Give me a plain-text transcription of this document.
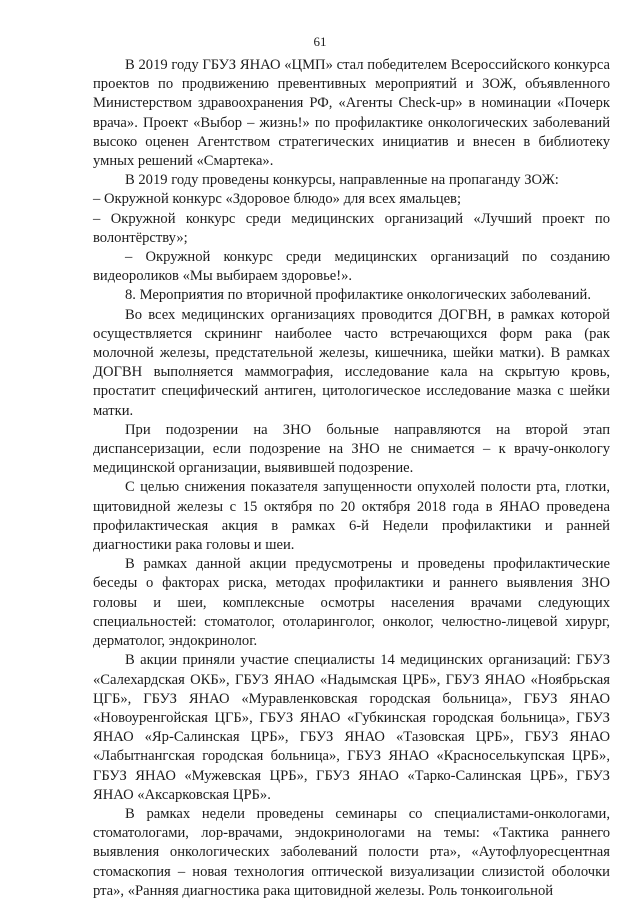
61

В 2019 году ГБУЗ ЯНАО «ЦМП» стал победителем Всероссийского конкурса проектов по продвижению превентивных мероприятий и ЗОЖ, объявленного Министерством здравоохранения РФ, «Агенты Check-up» в номинации «Почерк врача». Проект «Выбор – жизнь!» по профилактике онкологических заболеваний высоко оценен Агентством стратегических инициатив и внесен в библиотеку умных решений «Смартека».

В 2019 году проведены конкурсы, направленные на пропаганду ЗОЖ:

– Окружной конкурс «Здоровое блюдо» для всех ямальцев;

– Окружной конкурс среди медицинских организаций «Лучший проект по волонтёрству»;

– Окружной конкурс среди медицинских организаций по созданию видеороликов «Мы выбираем здоровье!».

8. Мероприятия по вторичной профилактике онкологических заболеваний.

Во всех медицинских организациях проводится ДОГВН, в рамках которой осуществляется скрининг наиболее часто встречающихся форм рака (рак молочной железы, предстательной железы, кишечника, шейки матки). В рамках ДОГВН выполняется маммография, исследование кала на скрытую кровь, простатит специфический антиген, цитологическое исследование мазка с шейки матки.

При подозрении на ЗНО больные направляются на второй этап диспансеризации, если подозрение на ЗНО не снимается – к врачу-онкологу медицинской организации, выявившей подозрение.

С целью снижения показателя запущенности опухолей полости рта, глотки, щитовидной железы с 15 октября по 20 октября 2018 года в ЯНАО проведена профилактическая акция в рамках 6-й Недели профилактики и ранней диагностики рака головы и шеи.

В рамках данной акции предусмотрены и проведены профилактические беседы о факторах риска, методах профилактики и раннего выявления ЗНО головы и шеи, комплексные осмотры населения врачами следующих специальностей: стоматолог, отоларинголог, онколог, челюстно-лицевой хирург, дерматолог, эндокринолог.

В акции приняли участие специалисты 14 медицинских организаций: ГБУЗ «Салехардская ОКБ», ГБУЗ ЯНАО «Надымская ЦРБ», ГБУЗ ЯНАО «Ноябрьская ЦГБ», ГБУЗ ЯНАО «Муравленковская городская больница», ГБУЗ ЯНАО «Новоуренгойская ЦГБ», ГБУЗ ЯНАО «Губкинская городская больница», ГБУЗ ЯНАО «Яр-Салинская ЦРБ», ГБУЗ ЯНАО «Тазовская ЦРБ», ГБУЗ ЯНАО «Лабытнангская городская больница», ГБУЗ ЯНАО «Красноселькупская ЦРБ», ГБУЗ ЯНАО «Мужевская ЦРБ», ГБУЗ ЯНАО «Тарко-Салинская ЦРБ», ГБУЗ ЯНАО «Аксарковская ЦРБ».

В рамках недели проведены семинары со специалистами-онкологами, стоматологами, лор-врачами, эндокринологами на темы: «Тактика раннего выявления онкологических заболеваний полости рта», «Аутофлуоресцентная стомаскопия – новая технология оптической визуализации слизистой оболочки рта», «Ранняя диагностика рака щитовидной железы. Роль тонкоигольной
